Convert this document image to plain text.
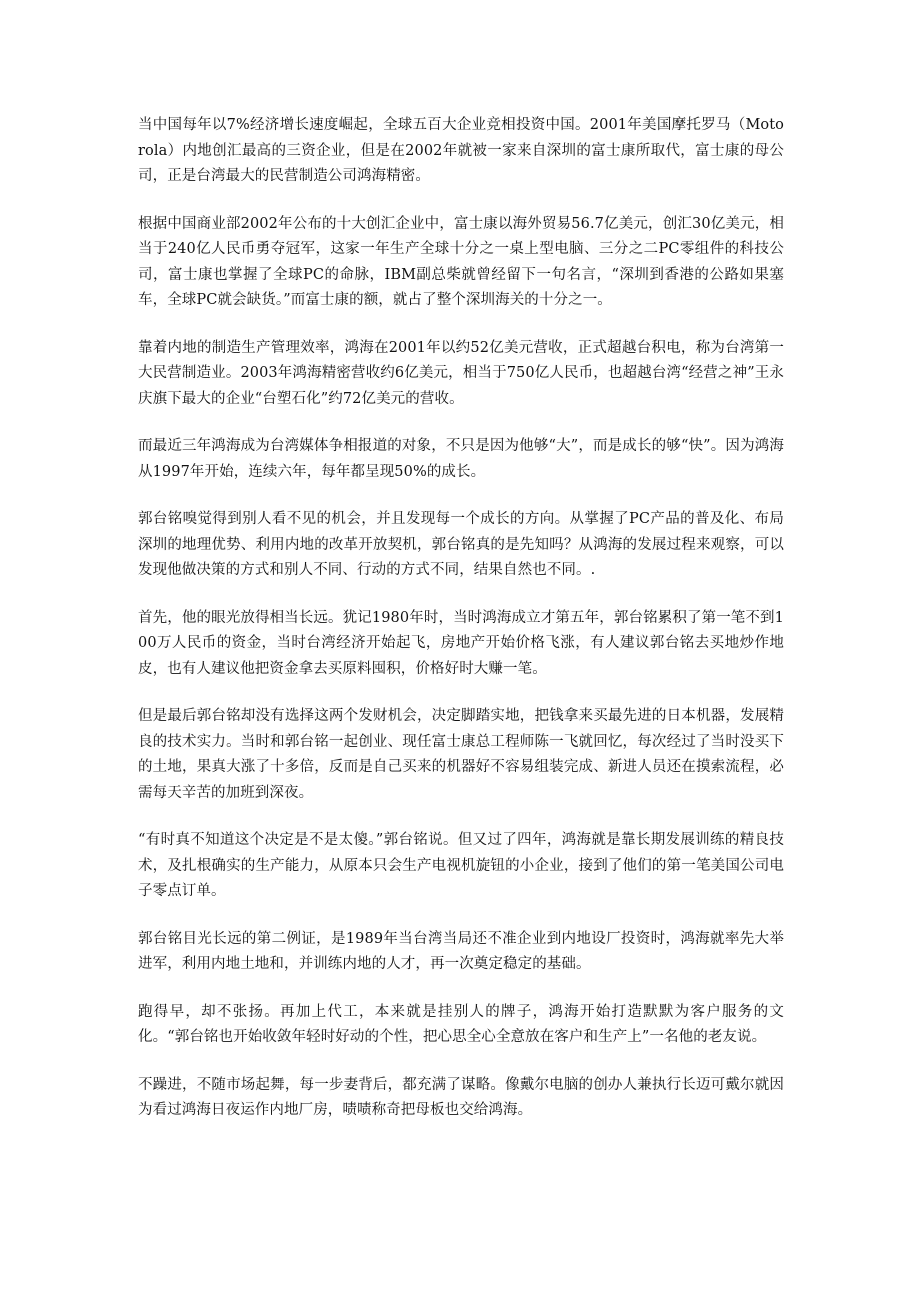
当中国每年以7%经济增长速度崛起，全球五百大企业竞相投资中国。2001年美国摩托罗马（Motorola）内地创汇最高的三资企业，但是在2002年就被一家来自深圳的富士康所取代，富士康的母公司，正是台湾最大的民营制造公司鸿海精密。

根据中国商业部2002年公布的十大创汇企业中，富士康以海外贸易56.7亿美元，创汇30亿美元，相当于240亿人民币勇夺冠军，这家一年生产全球十分之一桌上型电脑、三分之二PC零组件的科技公司，富士康也掌握了全球PC的命脉，IBM副总柴就曾经留下一句名言，“深圳到香港的公路如果塞车，全球PC就会缺货。”而富士康的额，就占了整个深圳海关的十分之一。

靠着内地的制造生产管理效率，鸿海在2001年以约52亿美元营收，正式超越台积电，称为台湾第一大民营制造业。2003年鸿海精密营收约6亿美元，相当于750亿人民币，也超越台湾“经营之神”王永庆旗下最大的企业“台塑石化”约72亿美元的营收。

而最近三年鸿海成为台湾媒体争相报道的对象，不只是因为他够“大”，而是成长的够“快”。因为鸿海从1997年开始，连续六年，每年都呈现50%的成长。

郭台铭嗅觉得到别人看不见的机会，并且发现每一个成长的方向。从掌握了PC产品的普及化、布局深圳的地理优势、利用内地的改革开放契机，郭台铭真的是先知吗？从鸿海的发展过程来观察，可以发现他做决策的方式和别人不同、行动的方式不同，结果自然也不同。.

首先，他的眼光放得相当长远。犹记1980年时，当时鸿海成立才第五年，郭台铭累积了第一笔不到100万人民币的资金，当时台湾经济开始起飞，房地产开始价格飞涨，有人建议郭台铭去买地炒作地皮，也有人建议他把资金拿去买原料囤积，价格好时大赚一笔。

但是最后郭台铭却没有选择这两个发财机会，决定脚踏实地，把钱拿来买最先进的日本机器，发展精良的技术实力。当时和郭台铭一起创业、现任富士康总工程师陈一飞就回忆，每次经过了当时没买下的土地，果真大涨了十多倍，反而是自己买来的机器好不容易组装完成、新进人员还在摸索流程，必需每天辛苦的加班到深夜。

“有时真不知道这个决定是不是太傻。”郭台铭说。但又过了四年，鸿海就是靠长期发展训练的精良技术，及扎根确实的生产能力，从原本只会生产电视机旋钮的小企业，接到了他们的第一笔美国公司电子零点订单。

郭台铭目光长远的第二例证，是1989年当台湾当局还不准企业到内地设厂投资时，鸿海就率先大举进军，利用内地土地和，并训练内地的人才，再一次奠定稳定的基础。

跑得早，却不张扬。再加上代工，本来就是挂别人的牌子，鸿海开始打造默默为客户服务的文化。“郭台铭也开始收敛年轻时好动的个性，把心思全心全意放在客户和生产上”一名他的老友说。

不躁进，不随市场起舞，每一步妻背后，都充满了谋略。像戴尔电脑的创办人兼执行长迈可戴尔就因为看过鸿海日夜运作内地厂房，啧啧称奇把母板也交给鸿海。
